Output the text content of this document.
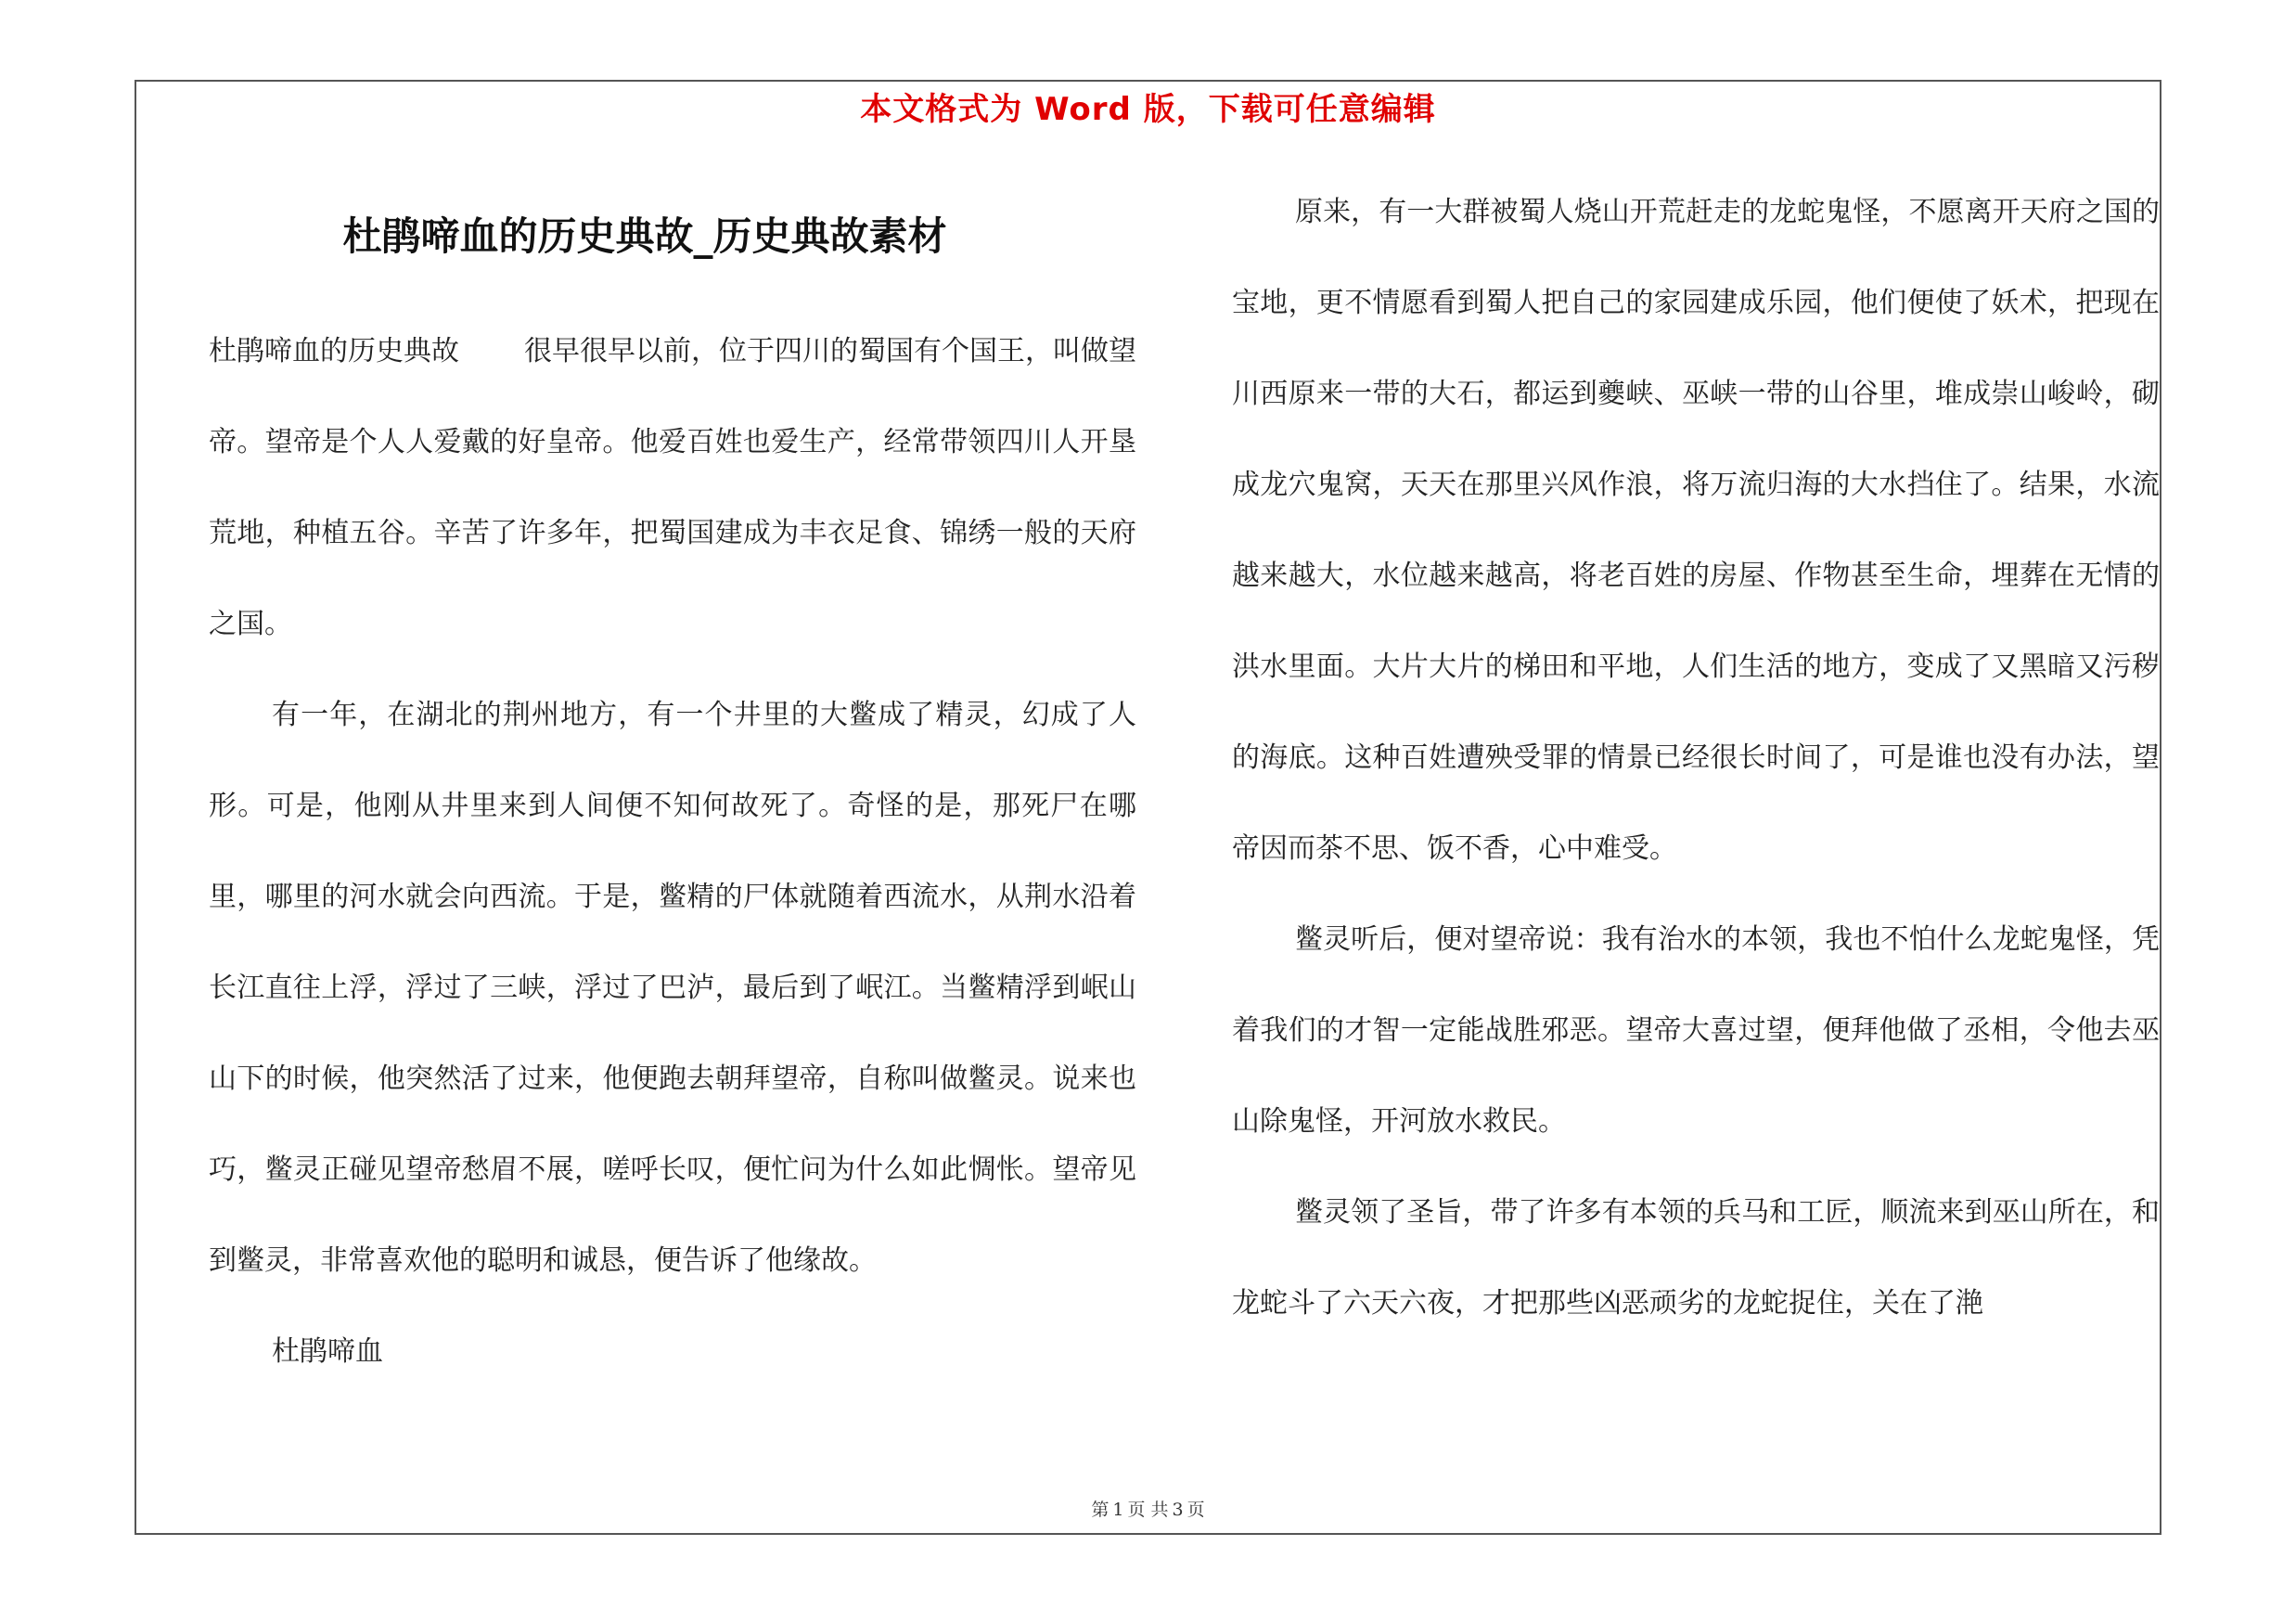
本文格式为 Word 版，下载可任意编辑
杜鹃啼血的历史典故_历史典故素材

杜鹃啼血的历史典故 很早很早以前，位于四川的蜀国有个国王，叫做望帝。望帝是个人人爱戴的好皇帝。他爱百姓也爱生产，经常带领四川人开垦荒地，种植五谷。辛苦了许多年，把蜀国建成为丰衣足食、锦绣一般的天府之国。

有一年，在湖北的荆州地方，有一个井里的大鳖成了精灵，幻成了人形。可是，他刚从井里来到人间便不知何故死了。奇怪的是，那死尸在哪里，哪里的河水就会向西流。于是，鳖精的尸体就随着西流水，从荆水沿着长江直往上浮，浮过了三峡，浮过了巴泸，最后到了岷江。当鳖精浮到岷山山下的时候，他突然活了过来，他便跑去朝拜望帝，自称叫做鳖灵。说来也巧，鳖灵正碰见望帝愁眉不展，嗟呼长叹，便忙问为什么如此惆怅。望帝见到鳖灵，非常喜欢他的聪明和诚恳，便告诉了他缘故。

杜鹃啼血

原来，有一大群被蜀人烧山开荒赶走的龙蛇鬼怪，不愿离开天府之国的宝地，更不情愿看到蜀人把自己的家园建成乐园，他们便使了妖术，把现在川西原来一带的大石，都运到夔峡、巫峡一带的山谷里，堆成崇山峻岭，砌成龙穴鬼窝，天天在那里兴风作浪，将万流归海的大水挡住了。结果，水流越来越大，水位越来越高，将老百姓的房屋、作物甚至生命，埋葬在无情的洪水里面。大片大片的梯田和平地，人们生活的地方，变成了又黑暗又污秽的海底。这种百姓遭殃受罪的情景已经很长时间了，可是谁也没有办法，望帝因而茶不思、饭不香，心中难受。

鳖灵听后，便对望帝说：我有治水的本领，我也不怕什么龙蛇鬼怪，凭着我们的才智一定能战胜邪恶。望帝大喜过望，便拜他做了丞相，令他去巫山除鬼怪，开河放水救民。

鳖灵领了圣旨，带了许多有本领的兵马和工匠，顺流来到巫山所在，和龙蛇斗了六天六夜，才把那些凶恶顽劣的龙蛇捉住，关在了滟

第 1 页 共 3 页
